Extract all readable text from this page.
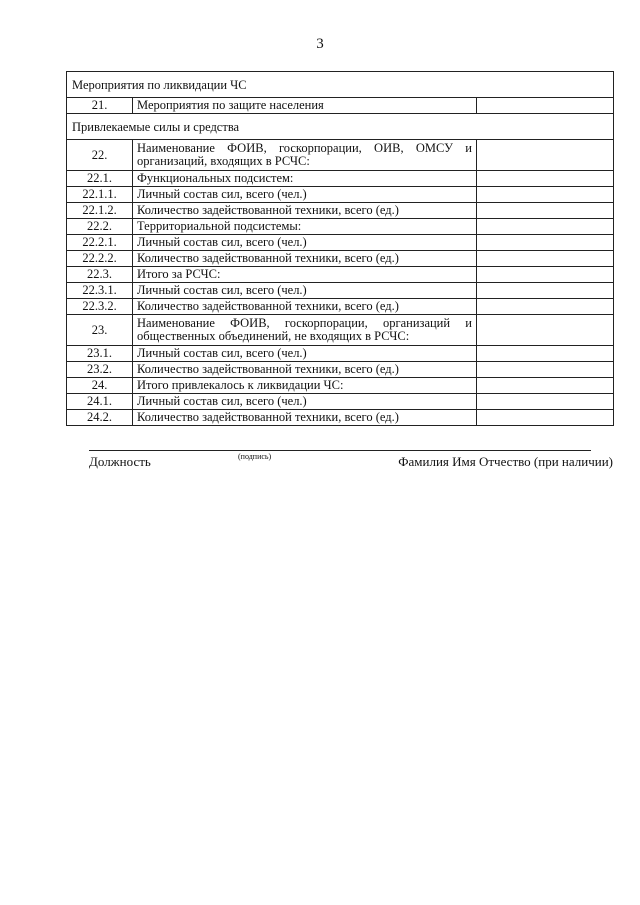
3
Мероприятия по ликвидации ЧС		
21.	Мероприятия по защите населения	
Привлекаемые силы и средства		
22.	Наименование ФОИВ, госкорпорации, ОИВ, ОМСУ и организаций, входящих в РСЧС:	
22.1.	Функциональных подсистем:	
22.1.1.	Личный состав сил, всего (чел.)	
22.1.2.	Количество задействованной техники, всего (ед.)	
22.2.	Территориальной подсистемы:	
22.2.1.	Личный состав сил, всего (чел.)	
22.2.2.	Количество задействованной техники, всего (ед.)	
22.3.	Итого за РСЧС:	
22.3.1.	Личный состав сил, всего (чел.)	
22.3.2.	Количество задействованной техники, всего (ед.)	
23.	Наименование ФОИВ, госкорпорации, организаций и общественных объединений, не входящих в РСЧС:	
23.1.	Личный состав сил, всего (чел.)	
23.2.	Количество задействованной техники, всего (ед.)	
24.	Итого привлекалось к ликвидации ЧС:	
24.1.	Личный состав сил, всего (чел.)	
24.2.	Количество задействованной техники, всего (ед.)	
Должность	(подпись)	Фамилия Имя Отчество (при наличии)
